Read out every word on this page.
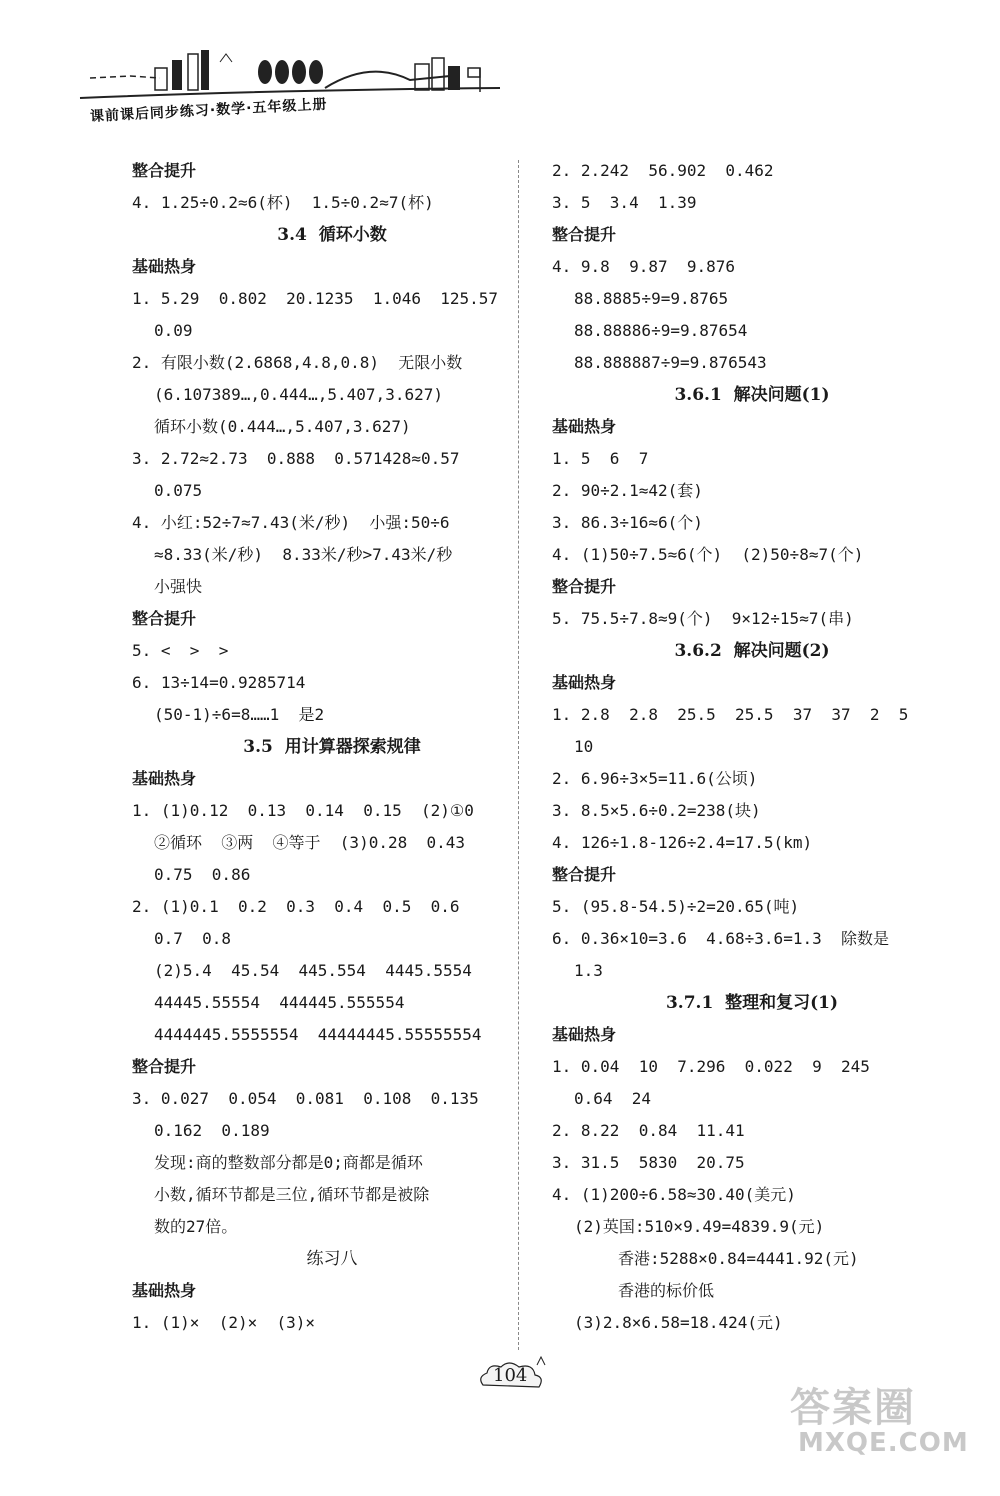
课前课后同步练习·数学·五年级上册
整合提升
4. 1.25÷0.2≈6(杯)  1.5÷0.2≈7(杯)
3.4  循环小数
基础热身
1. 5.29  0.802  20.1235  1.046  125.57
0.09
2. 有限小数(2.6868,4.8,0.8)  无限小数
(6.107389…,0.444…,5.407,3.627)
循环小数(0.444…,5.407,3.627)
3. 2.72≈2.73  0.888  0.571428≈0.57
0.075
4. 小红:52÷7≈7.43(米/秒)  小强:50÷6
≈8.33(米/秒)  8.33米/秒>7.43米/秒
小强快
整合提升
5. <  >  >
6. 13÷14=0.9285714
(50-1)÷6=8……1  是2
3.5  用计算器探索规律
基础热身
1. (1)0.12  0.13  0.14  0.15  (2)①0
②循环  ③两  ④等于  (3)0.28  0.43
0.75  0.86
2. (1)0.1  0.2  0.3  0.4  0.5  0.6
0.7  0.8
(2)5.4  45.54  445.554  4445.5554
44445.55554  444445.555554
4444445.5555554  44444445.55555554
整合提升
3. 0.027  0.054  0.081  0.108  0.135
0.162  0.189
发现:商的整数部分都是0;商都是循环
小数,循环节都是三位,循环节都是被除
数的27倍。
练习八
基础热身
1. (1)×  (2)×  (3)×
2. 2.242  56.902  0.462
3. 5  3.4  1.39
整合提升
4. 9.8  9.87  9.876
88.8885÷9=9.8765
88.88886÷9=9.87654
88.888887÷9=9.876543
3.6.1  解决问题(1)
基础热身
1. 5  6  7
2. 90÷2.1≈42(套)
3. 86.3÷16≈6(个)
4. (1)50÷7.5≈6(个)  (2)50÷8≈7(个)
整合提升
5. 75.5÷7.8≈9(个)  9×12÷15≈7(串)
3.6.2  解决问题(2)
基础热身
1. 2.8  2.8  25.5  25.5  37  37  2  5
10
2. 6.96÷3×5=11.6(公顷)
3. 8.5×5.6÷0.2=238(块)
4. 126÷1.8-126÷2.4=17.5(km)
整合提升
5. (95.8-54.5)÷2=20.65(吨)
6. 0.36×10=3.6  4.68÷3.6=1.3  除数是
1.3
3.7.1  整理和复习(1)
基础热身
1. 0.04  10  7.296  0.022  9  245
0.64  24
2. 8.22  0.84  11.41
3. 31.5  5830  20.75
4. (1)200÷6.58≈30.40(美元)
(2)英国:510×9.49=4839.9(元)
香港:5288×0.84=4441.92(元)
香港的标价低
(3)2.8×6.58=18.424(元)
104
答案圈
MXQE.COM
